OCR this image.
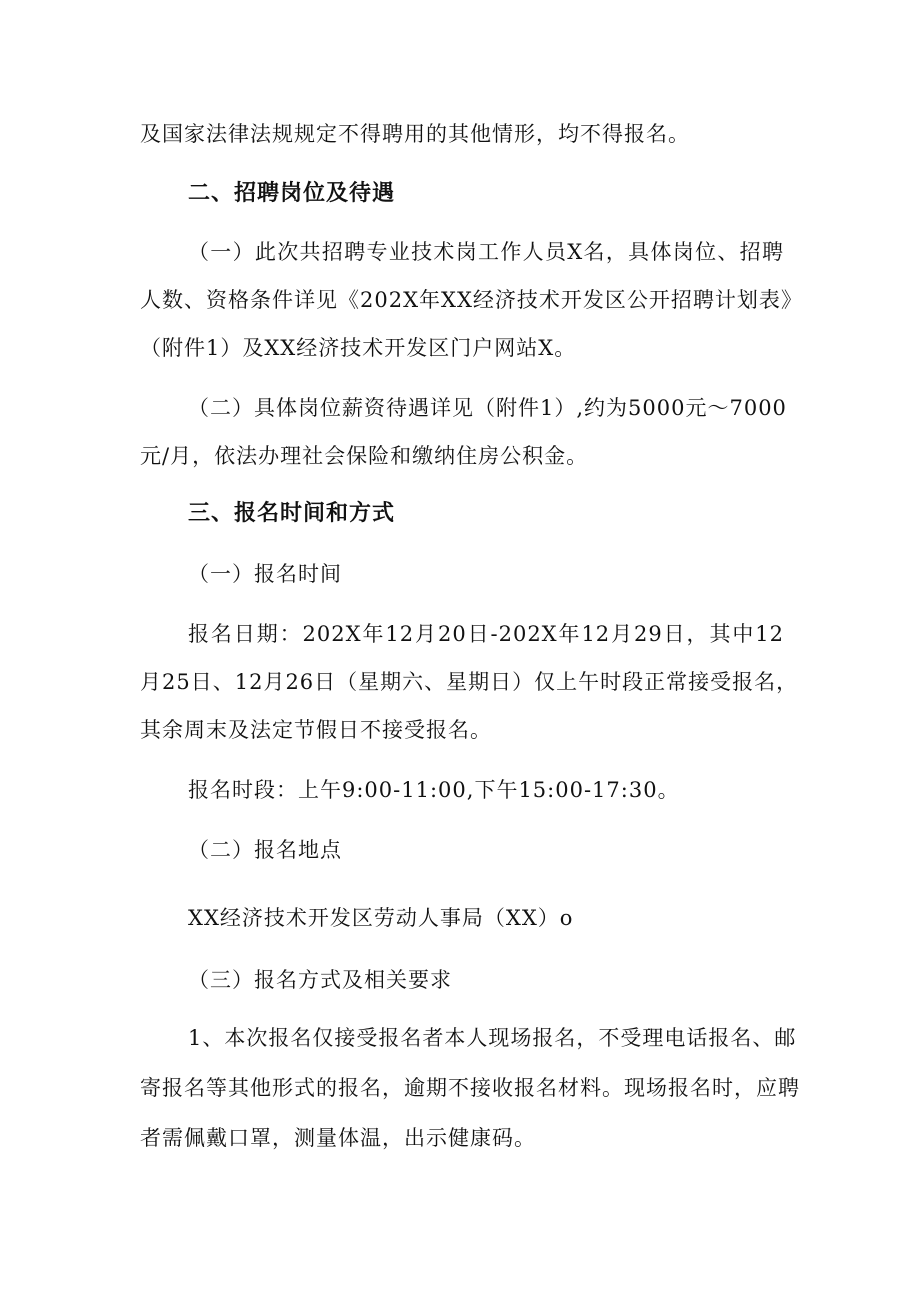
及国家法律法规规定不得聘用的其他情形，均不得报名。
二、招聘岗位及待遇
（一）此次共招聘专业技术岗工作人员X名，具体岗位、招聘
人数、资格条件详见《202X年XX经济技术开发区公开招聘计划表》
（附件1）及XX经济技术开发区门户网站X。
（二）具体岗位薪资待遇详见（附件1）,约为5000元～7000
元/月，依法办理社会保险和缴纳住房公积金。
三、报名时间和方式
（一）报名时间
报名日期：202X年12月20日-202X年12月29日，其中12
月25日、12月26日（星期六、星期日）仅上午时段正常接受报名，
其余周末及法定节假日不接受报名。
报名时段：上午9:00-11:00,下午15:00-17:30。
（二）报名地点
XX经济技术开发区劳动人事局（XX）o
（三）报名方式及相关要求
1、本次报名仅接受报名者本人现场报名，不受理电话报名、邮
寄报名等其他形式的报名，逾期不接收报名材料。现场报名时，应聘
者需佩戴口罩，测量体温，出示健康码。
